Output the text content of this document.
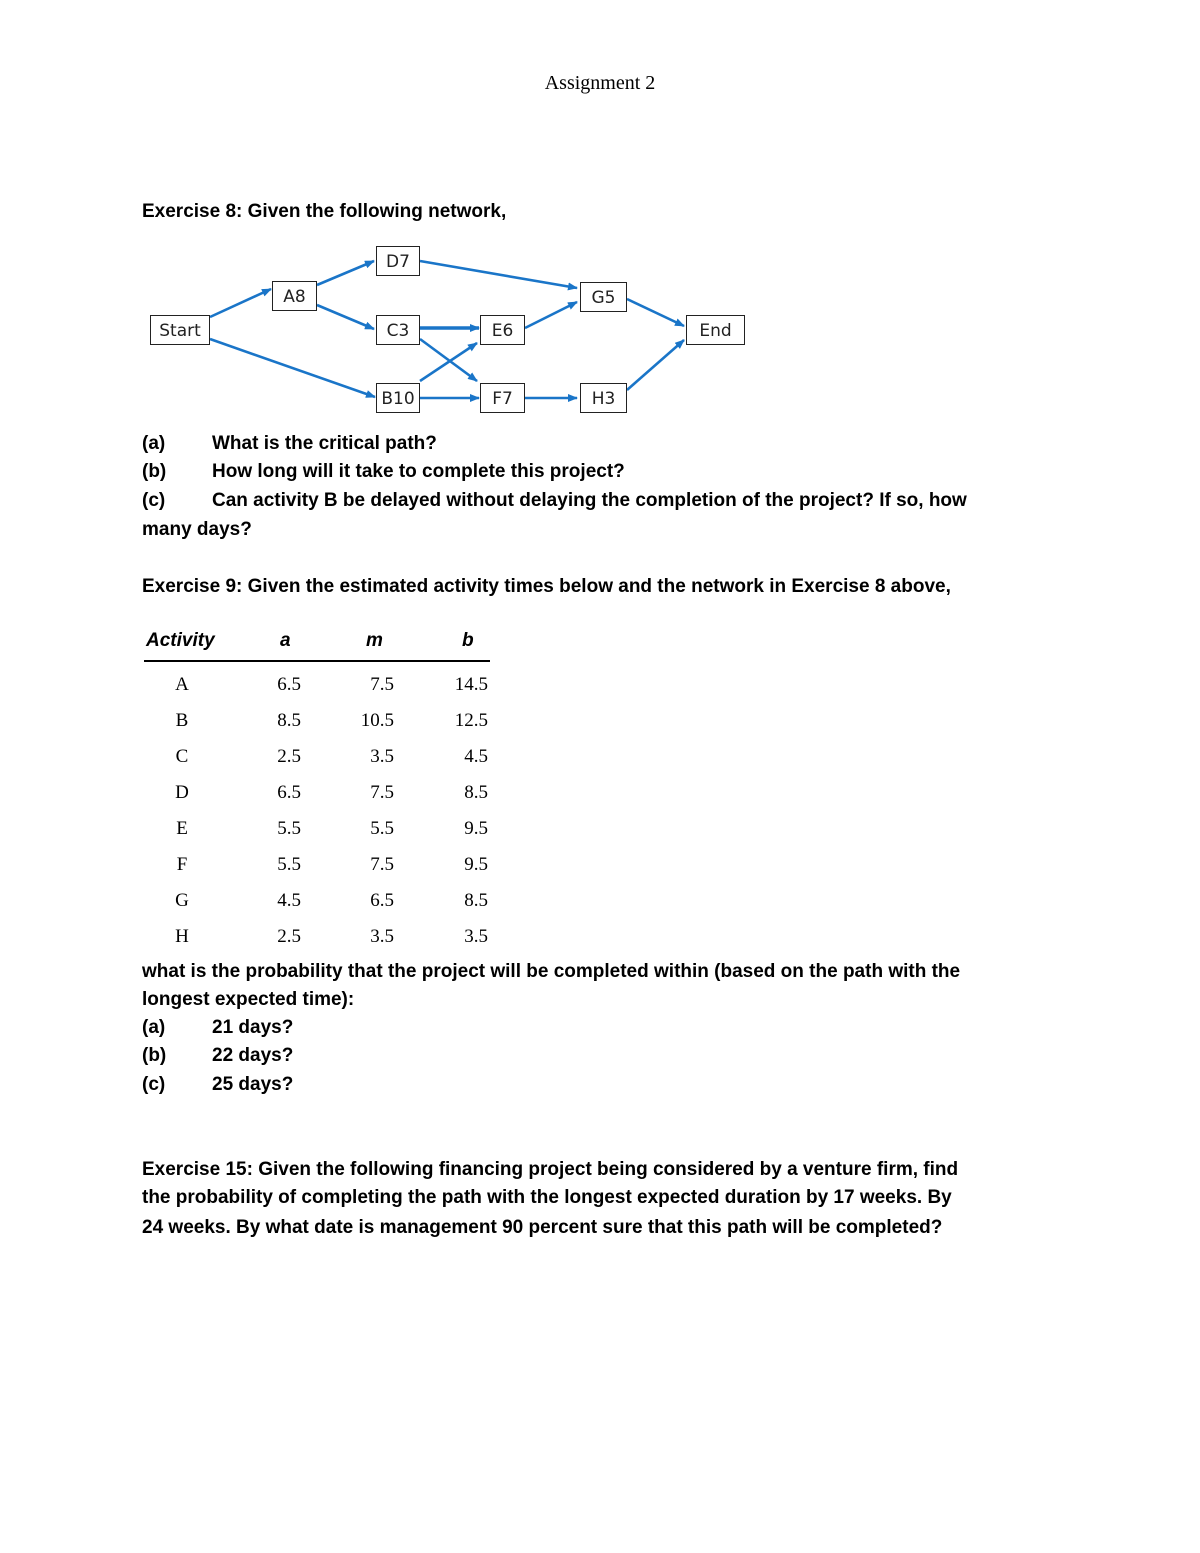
Assignment 2
Exercise 8: Given the following network,
Start
A8
D7
C3
B10
E6
F7
G5
H3
End
(a) What is the critical path?
(b) How long will it take to complete this project?
(c) Can activity B be delayed without delaying the completion of the project? If so, how
many days?
Exercise 9: Given the estimated activity times below and the network in Exercise 8 above,
Activity	a	m	b
A	6.5	7.5	14.5
B	8.5	10.5	12.5
C	2.5	3.5	4.5
D	6.5	7.5	8.5
E	5.5	5.5	9.5
F	5.5	7.5	9.5
G	4.5	6.5	8.5
H	2.5	3.5	3.5
what is the probability that the project will be completed within (based on the path with the
longest expected time):
(a) 21 days?
(b) 22 days?
(c) 25 days?
Exercise 15: Given the following financing project being considered by a venture firm, find
the probability of completing the path with the longest expected duration by 17 weeks. By
24 weeks. By what date is management 90 percent sure that this path will be completed?
